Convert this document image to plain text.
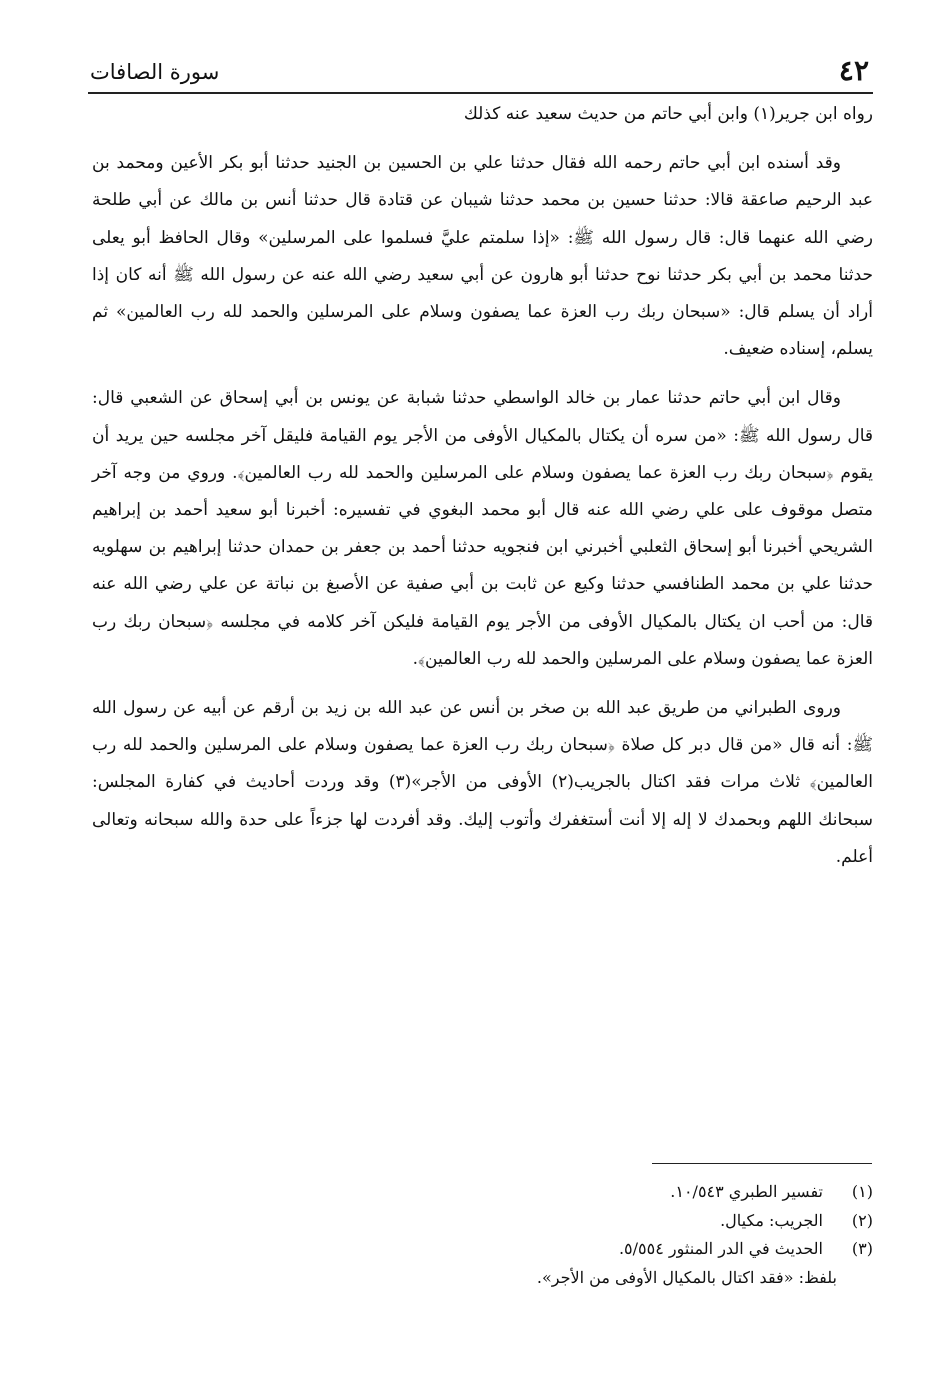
٤٢
سورة الصافات

رواه ابن جرير(١) وابن أبي حاتم من حديث سعيد عنه كذلك

وقد أسنده ابن أبي حاتم رحمه الله فقال حدثنا علي بن الحسين بن الجنيد حدثنا أبو بكر الأعين ومحمد بن عبد الرحيم صاعقة قالا: حدثنا حسين بن محمد حدثنا شيبان عن قتادة قال حدثنا أنس بن مالك عن أبي طلحة رضي الله عنهما قال: قال رسول الله ﷺ: «إذا سلمتم عليَّ فسلموا على المرسلين» وقال الحافظ أبو يعلى حدثنا محمد بن أبي بكر حدثنا نوح حدثنا أبو هارون عن أبي سعيد رضي الله عنه عن رسول الله ﷺ أنه كان إذا أراد أن يسلم قال: «سبحان ربك رب العزة عما يصفون وسلام على المرسلين والحمد لله رب العالمين» ثم يسلم، إسناده ضعيف.

وقال ابن أبي حاتم حدثنا عمار بن خالد الواسطي حدثنا شبابة عن يونس بن أبي إسحاق عن الشعبي قال: قال رسول الله ﷺ: «من سره أن يكتال بالمكيال الأوفى من الأجر يوم القيامة فليقل آخر مجلسه حين يريد أن يقوم ﴿سبحان ربك رب العزة عما يصفون وسلام على المرسلين والحمد لله رب العالمين﴾. وروي من وجه آخر متصل موقوف على علي رضي الله عنه قال أبو محمد البغوي في تفسيره: أخبرنا أبو سعيد أحمد بن إبراهيم الشريحي أخبرنا أبو إسحاق الثعلبي أخبرني ابن فنجويه حدثنا أحمد بن جعفر بن حمدان حدثنا إبراهيم بن سهلويه حدثنا علي بن محمد الطنافسي حدثنا وكيع عن ثابت بن أبي صفية عن الأصبغ بن نباتة عن علي رضي الله عنه قال: من أحب ان يكتال بالمكيال الأوفى من الأجر يوم القيامة فليكن آخر كلامه في مجلسه ﴿سبحان ربك رب العزة عما يصفون وسلام على المرسلين والحمد لله رب العالمين﴾.

وروى الطبراني من طريق عبد الله بن صخر بن أنس عن عبد الله بن زيد بن أرقم عن أبيه عن رسول الله ﷺ: أنه قال «من قال دبر كل صلاة ﴿سبحان ربك رب العزة عما يصفون وسلام على المرسلين والحمد لله رب العالمين﴾ ثلاث مرات فقد اكتال بالجريب(٢) الأوفى من الأجر»(٣) وقد وردت أحاديث في كفارة المجلس: سبحانك اللهم وبحمدك لا إله إلا أنت أستغفرك وأتوب إليك. وقد أفردت لها جزءاً على حدة والله سبحانه وتعالى أعلم.

(١)
تفسير الطبري ١٠/٥٤٣.
(٢)
الجريب: مكيال.
(٣)
الحديث في الدر المنثور ٥/٥٥٤.
بلفظ: «فقد اكتال بالمكيال الأوفى من الأجر».
